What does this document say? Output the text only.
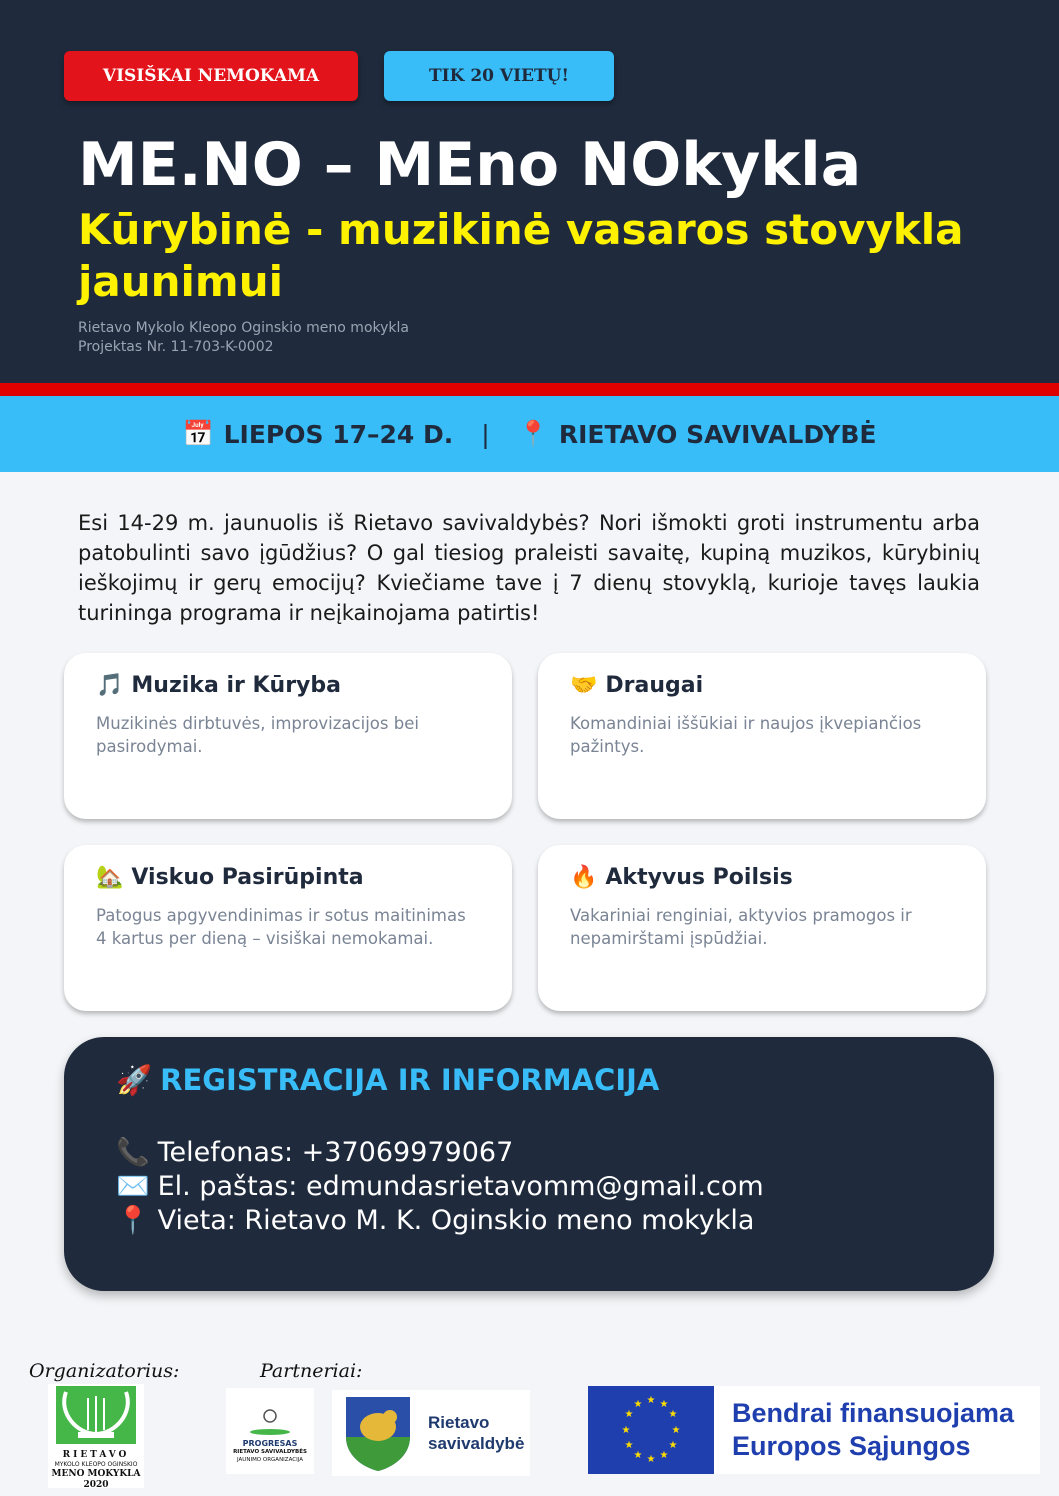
VISIŠKAI NEMOKAMA	TIK 20 VIETŲ!
ME.NO – MEno NOkykla
Kūrybinė - muzikinė vasaros stovykla jaunimui
Rietavo Mykolo Kleopo Oginskio meno mokykla
Projektas Nr. 11-703-K-0002
📅 LIEPOS 17–24 D. | 📍 RIETAVO SAVIVALDYBĖ
Esi 14-29 m. jaunuolis iš Rietavo savivaldybės? Nori išmokti groti instrumentu arba patobulinti savo įgūdžius? O gal tiesiog praleisti savaitę, kupiną muzikos, kūrybinių ieškojimų ir gerų emocijų? Kviečiame tave į 7 dienų stovyklą, kurioje tavęs laukia turininga programa ir neįkainojama patirtis!
🎵 Muzika ir Kūryba
Muzikinės dirbtuvės, improvizacijos bei pasirodymai.
🤝 Draugai
Komandiniai iššūkiai ir naujos įkvepiančios pažintys.
🏡 Viskuo Pasirūpinta
Patogus apgyvendinimas ir sotus maitinimas 4 kartus per dieną – visiškai nemokamai.
🔥 Aktyvus Poilsis
Vakariniai renginiai, aktyvios pramogos ir nepamirštami įspūdžiai.
🚀 REGISTRACIJA IR INFORMACIJA
📞 Telefonas: +37069979067
✉️ El. paštas: edmundasrietavomm@gmail.com
📍 Vieta: Rietavo M. K. Oginskio meno mokykla
Organizatorius:	Partneriai:
RIETAVO
MYKOLO KLEOPO OGINSKIO
MENO MOKYKLA
2020
PROGRESAS
RIETAVO SAVIVALDYBĖS
JAUNIMO ORGANIZACIJA
Rietavo
savivaldybė
★ ★
★
★
★
★
★
★
★
★
★
★	Bendrai finansuojama
Europos Sąjungos
